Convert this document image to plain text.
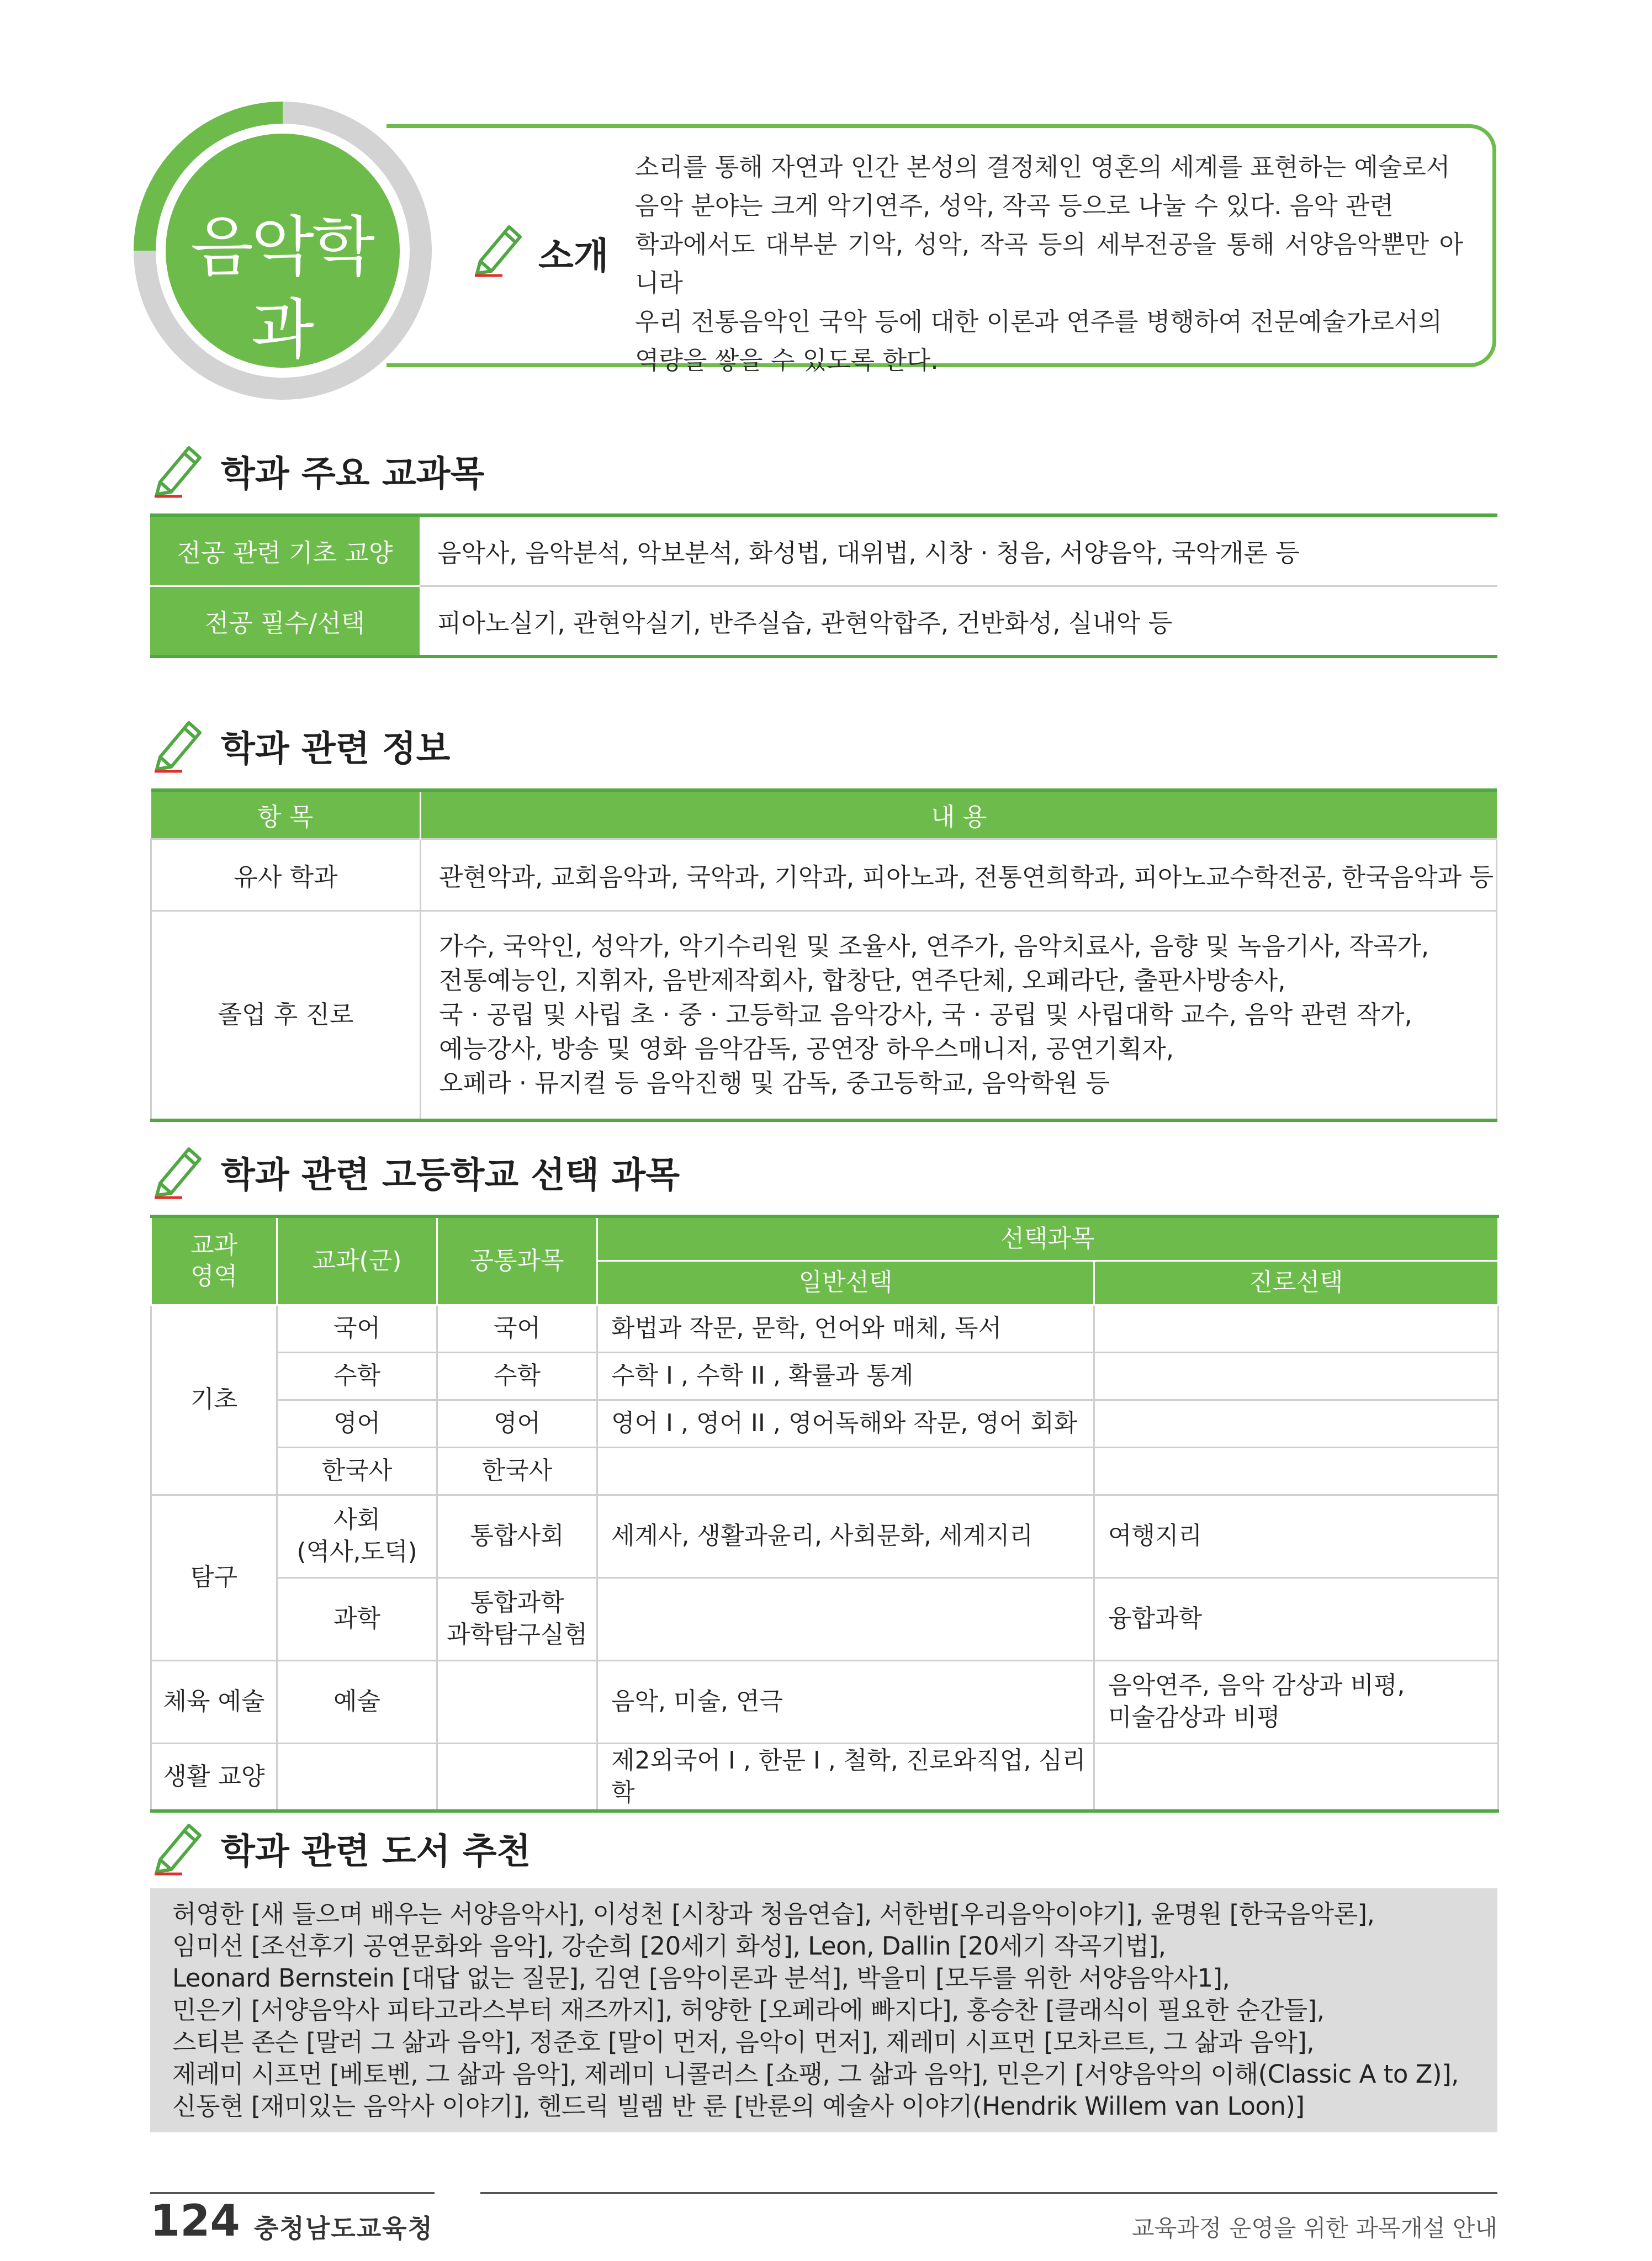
음악학과
소개
소리를 통해 자연과 인간 본성의 결정체인 영혼의 세계를 표현하는 예술로서
음악 분야는 크게 악기연주, 성악, 작곡 등으로 나눌 수 있다. 음악 관련
학과에서도 대부분 기악, 성악, 작곡 등의 세부전공을 통해 서양음악뿐만 아니라
우리 전통음악인 국악 등에 대한 이론과 연주를 병행하여 전문예술가로서의
역량을 쌓을 수 있도록 한다.
학과 주요 교과목
전공 관련 기초 교양	음악사, 음악분석, 악보분석, 화성법, 대위법, 시창 · 청음, 서양음악, 국악개론 등
전공 필수/선택	피아노실기, 관현악실기, 반주실습, 관현악합주, 건반화성, 실내악 등
학과 관련 정보
항 목	내 용
유사 학과	관현악과, 교회음악과, 국악과, 기악과, 피아노과, 전통연희학과, 피아노교수학전공, 한국음악과 등
졸업 후 진로	가수, 국악인, 성악가, 악기수리원 및 조율사, 연주가, 음악치료사, 음향 및 녹음기사, 작곡가,
전통예능인, 지휘자, 음반제작회사, 합창단, 연주단체, 오페라단, 출판사방송사,
국 · 공립 및 사립 초 · 중 · 고등학교 음악강사, 국 · 공립 및 사립대학 교수, 음악 관련 작가,
예능강사, 방송 및 영화 음악감독, 공연장 하우스매니저, 공연기획자,
오페라 · 뮤지컬 등 음악진행 및 감독, 중고등학교, 음악학원 등
학과 관련 고등학교 선택 과목
교과
영역	교과(군)	공통과목	선택과목	
			일반선택	진로선택
기초	국어	국어	화법과 작문, 문학, 언어와 매체, 독서	
	수학	수학	수학 I , 수학 II , 확률과 통계	
	영어	영어	영어 I , 영어 II , 영어독해와 작문, 영어 회화	
	한국사	한국사		
탐구	사회
(역사,도덕)	통합사회	세계사, 생활과윤리, 사회문화, 세계지리	여행지리
	과학	통합과학
과학탐구실험		융합과학
체육 예술	예술		음악, 미술, 연극	음악연주, 음악 감상과 비평,
미술감상과 비평
생활 교양			제2외국어 I , 한문 I , 철학, 진로와직업, 심리학	
학과 관련 도서 추천
허영한 [새 들으며 배우는 서양음악사], 이성천 [시창과 청음연습], 서한범[우리음악이야기], 윤명원 [한국음악론],
임미선 [조선후기 공연문화와 음악], 강순희 [20세기 화성], Leon, Dallin [20세기 작곡기법],
Leonard Bernstein [대답 없는 질문], 김연 [음악이론과 분석], 박을미 [모두를 위한 서양음악사1],
민은기 [서양음악사 피타고라스부터 재즈까지], 허양한 [오페라에 빠지다], 홍승찬 [클래식이 필요한 순간들],
스티븐 존슨 [말러 그 삶과 음악], 정준호 [말이 먼저, 음악이 먼저], 제레미 시프먼 [모차르트, 그 삶과 음악],
제레미 시프먼 [베토벤, 그 삶과 음악], 제레미 니콜러스 [쇼팽, 그 삶과 음악], 민은기 [서양음악의 이해(Classic A to Z)],
신동현 [재미있는 음악사 이야기], 헨드릭 빌렘 반 룬 [반룬의 예술사 이야기(Hendrik Willem van Loon)]
124 충청남도교육청	교육과정 운영을 위한 과목개설 안내
